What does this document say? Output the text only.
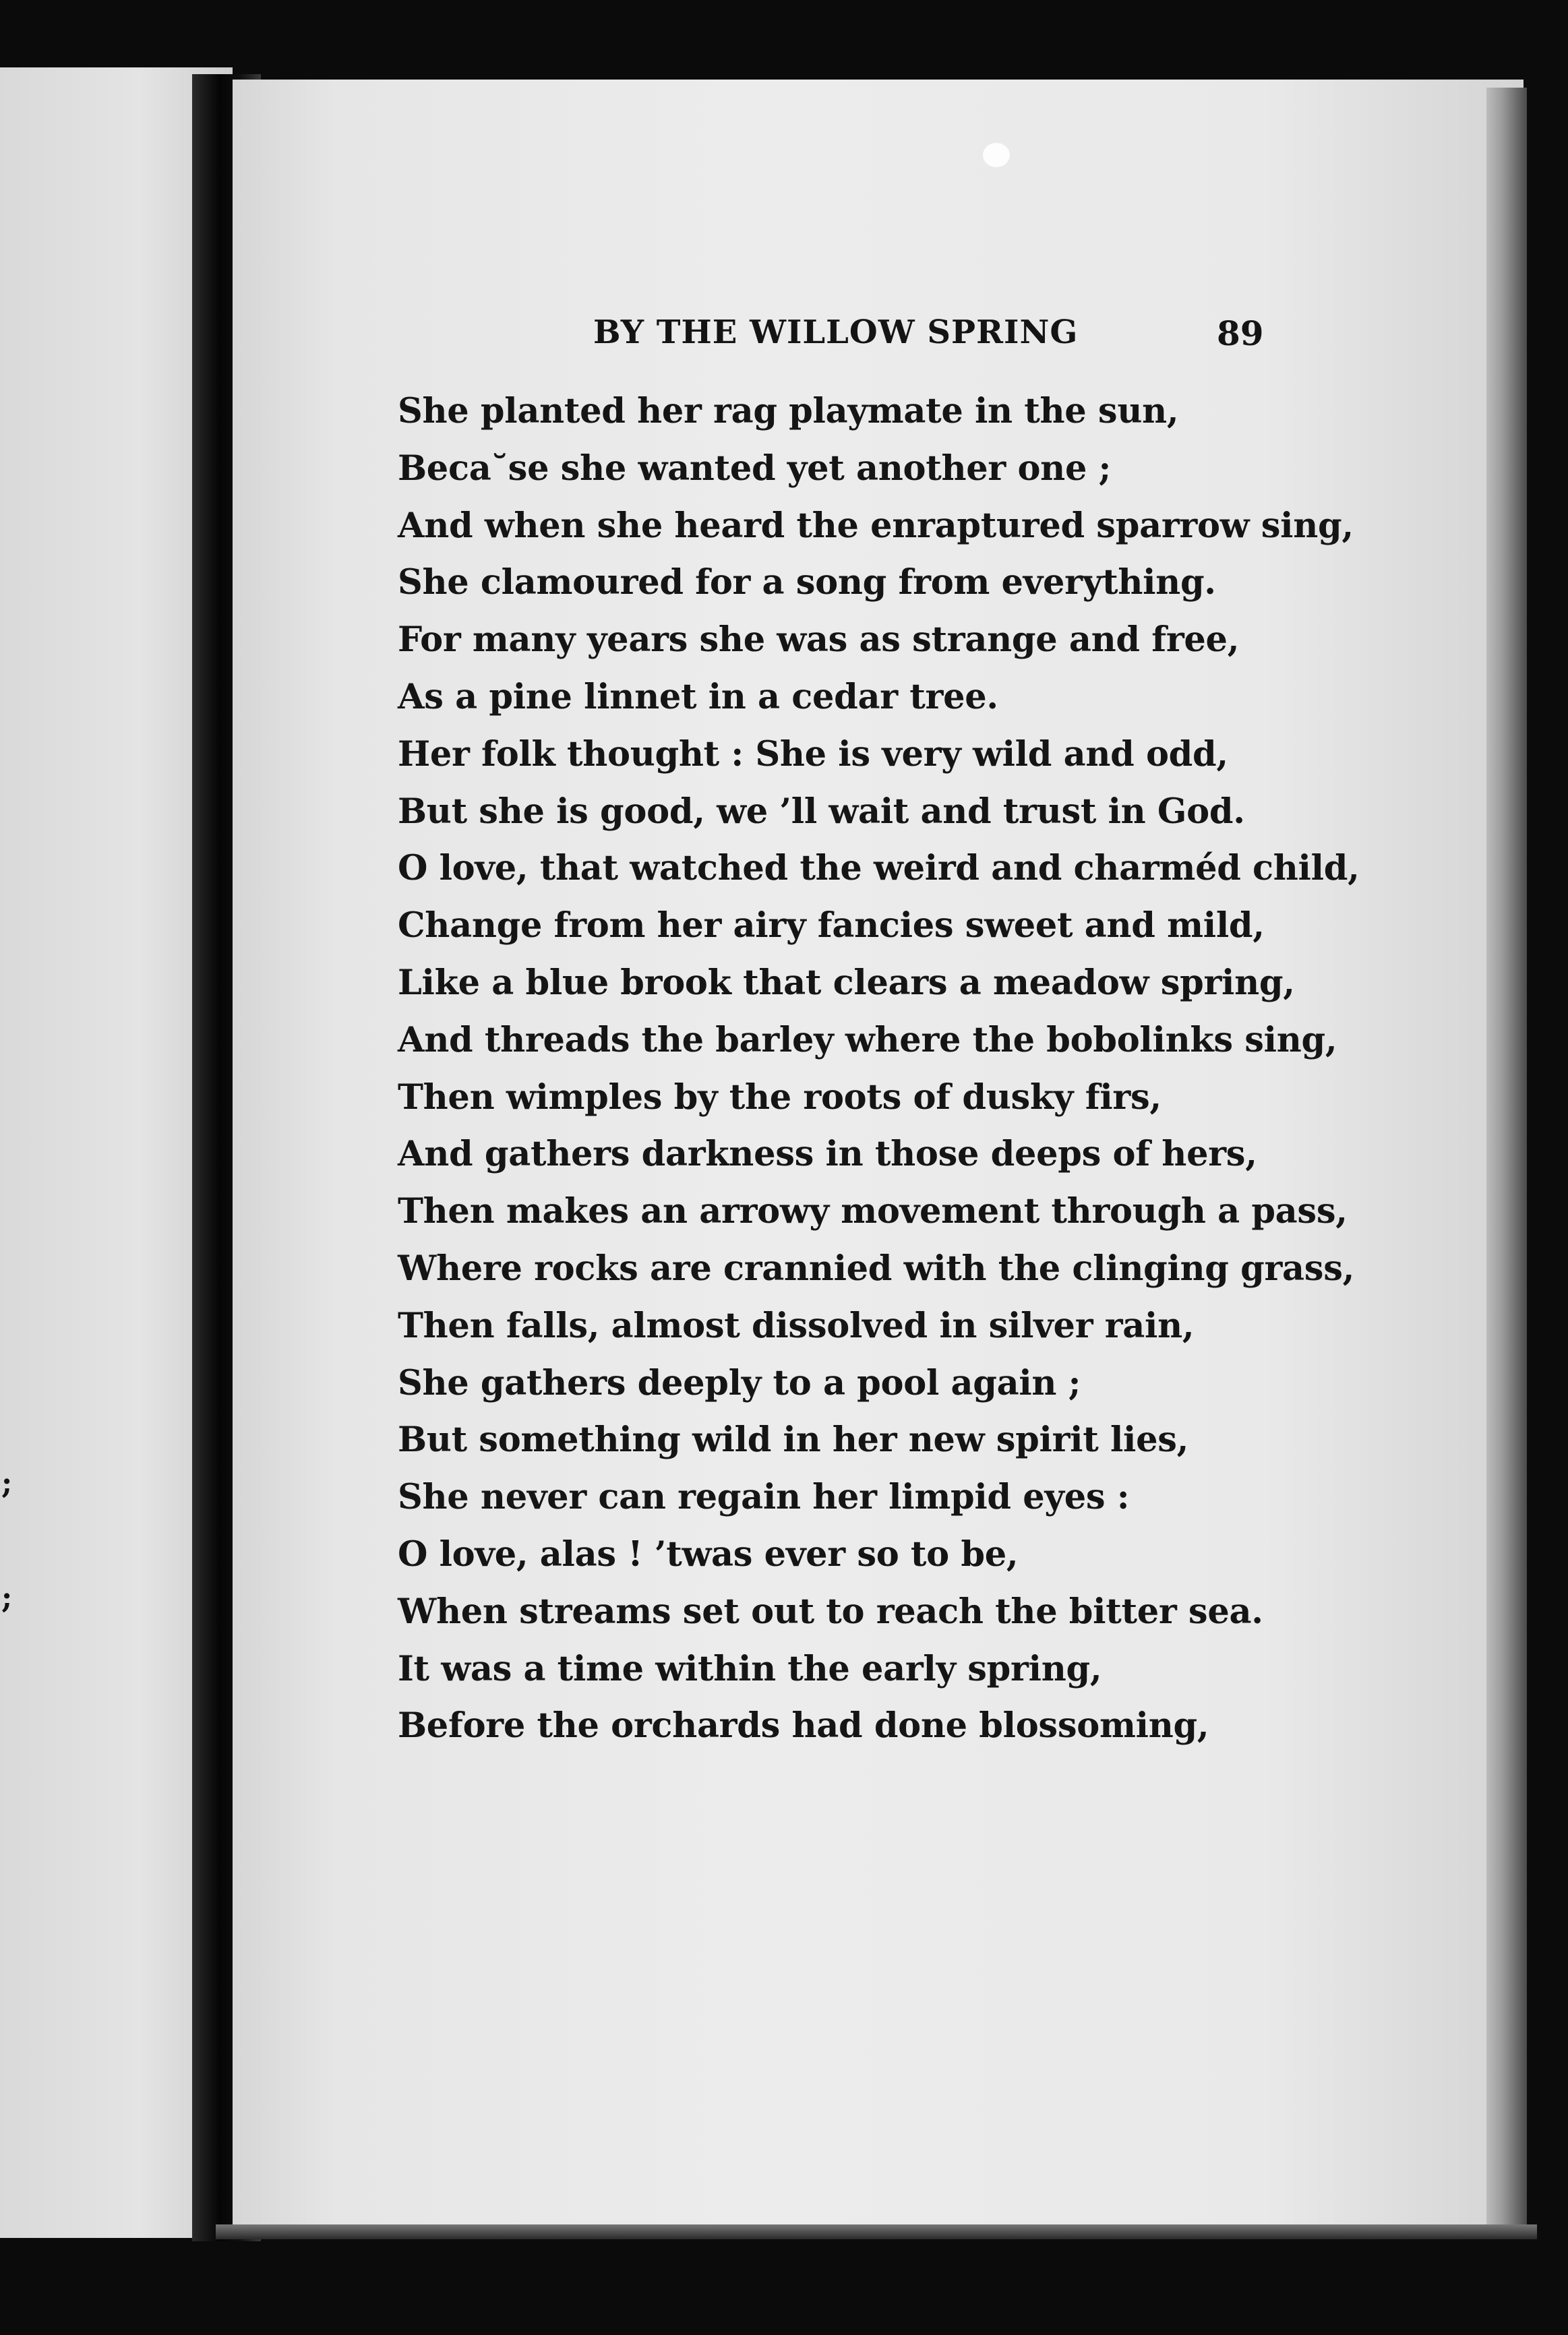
;
;
BY THE WILLOW SPRING	89
She planted her rag playmate in the sun,
Beca˘se she wanted yet another one ;
And when she heard the enraptured sparrow sing,
She clamoured for a song from everything.
For many years she was as strange and free,
As a pine linnet in a cedar tree.
Her folk thought : She is very wild and odd,
But she is good, we ’ll wait and trust in God.
O love, that watched the weird and charméd child,
Change from her airy fancies sweet and mild,
Like a blue brook that clears a meadow spring,
And threads the barley where the bobolinks sing,
Then wimples by the roots of dusky firs,
And gathers darkness in those deeps of hers,
Then makes an arrowy movement through a pass,
Where rocks are crannied with the clinging grass,
Then falls, almost dissolved in silver rain,
She gathers deeply to a pool again ;
But something wild in her new spirit lies,
She never can regain her limpid eyes :
O love, alas ! ’twas ever so to be,
When streams set out to reach the bitter sea.
It was a time within the early spring,
Before the orchards had done blossoming,
